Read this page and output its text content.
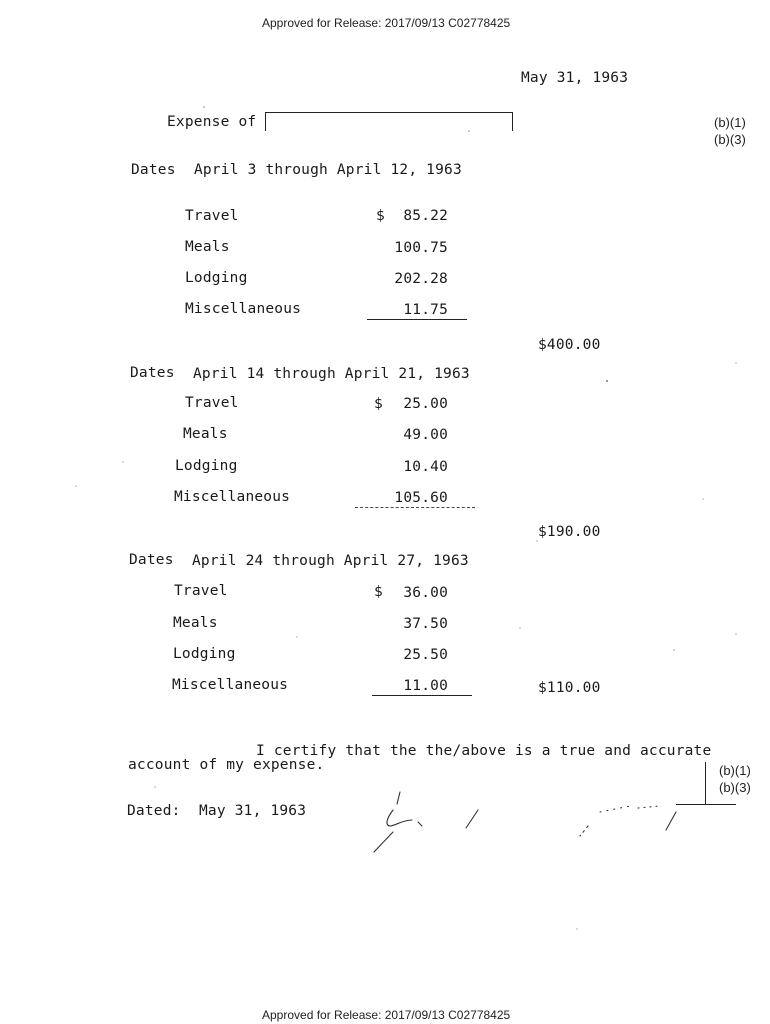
Approved for Release: 2017/09/13 C02778425
Approved for Release: 2017/09/13 C02778425
May 31, 1963
Expense of	(b)(1)
(b)(3)
Dates April 3 through April 12, 1963
Travel	$	85.22
Meals	100.75
Lodging	202.28
Miscellaneous	11.75
$400.00
Dates April 14 through April 21, 1963
Travel	$	25.00
Meals	49.00
Lodging	10.40
Miscellaneous	105.60
$190.00
Dates April 24 through April 27, 1963
Travel	$	36.00
Meals	37.50
Lodging	25.50
Miscellaneous	11.00	$110.00
I certify that the the/above is a true and accurate
account of my expense.	(b)(1)
(b)(3)
Dated: May 31, 1963
